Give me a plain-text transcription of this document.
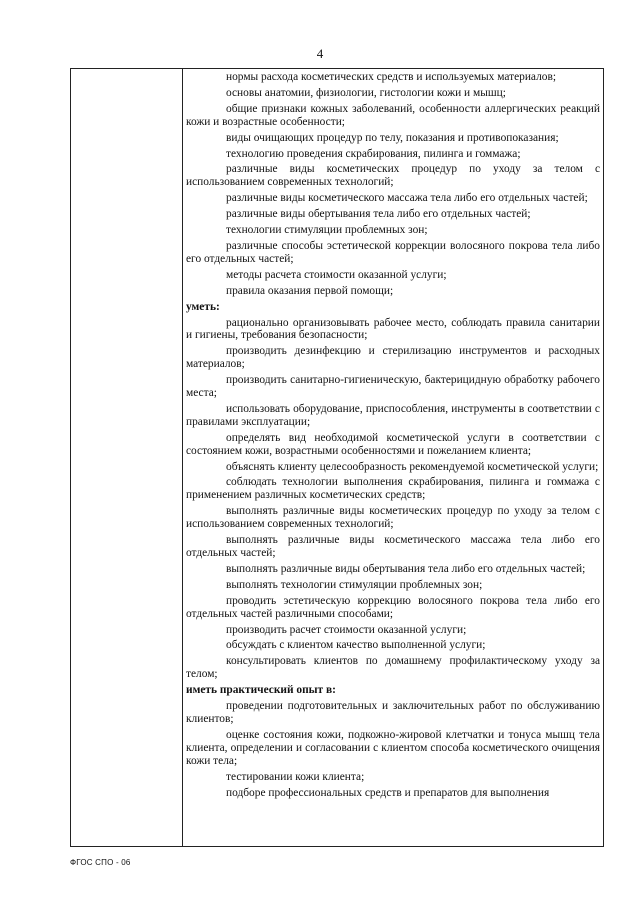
4

нормы расхода косметических средств и используемых материалов;

основы анатомии, физиологии, гистологии кожи и мышц;

общие признаки кожных заболеваний, особенности аллергических реакций кожи и возрастные особенности;

виды очищающих процедур по телу, показания и противопоказания;

технологию проведения скрабирования, пилинга и гоммажа;

различные виды косметических процедур по уходу за телом с использованием современных технологий;

различные виды косметического массажа тела либо его отдельных частей;

различные виды обертывания тела либо его отдельных частей;

технологии стимуляции проблемных зон;

различные способы эстетической коррекции волосяного покрова тела либо его отдельных частей;

методы расчета стоимости оказанной услуги;

правила оказания первой помощи;

уметь:

рационально организовывать рабочее место, соблюдать правила санитарии и гигиены, требования безопасности;

производить дезинфекцию и стерилизацию инструментов и расходных материалов;

производить санитарно-гигиеническую, бактерицидную обработку рабочего места;

использовать оборудование, приспособления, инструменты в соответствии с правилами эксплуатации;

определять вид необходимой косметической услуги в соответствии с состоянием кожи, возрастными особенностями и пожеланием клиента;

объяснять клиенту целесообразность рекомендуемой косметической услуги;

соблюдать технологии выполнения скрабирования, пилинга и гоммажа с применением различных косметических средств;

выполнять различные виды косметических процедур по уходу за телом с использованием современных технологий;

выполнять различные виды косметического массажа тела либо его отдельных частей;

выполнять различные виды обертывания тела либо его отдельных частей;

выполнять технологии стимуляции проблемных зон;

проводить эстетическую коррекцию волосяного покрова тела либо его отдельных частей различными способами;

производить расчет стоимости оказанной услуги;

обсуждать с клиентом качество выполненной услуги;

консультировать клиентов по домашнему профилактическому уходу за телом;

иметь практический опыт в:

проведении подготовительных и заключительных работ по обслуживанию клиентов;

оценке состояния кожи, подкожно-жировой клетчатки и тонуса мышц тела клиента, определении и согласовании с клиентом способа косметического очищения кожи тела;

тестировании кожи клиента;

подборе профессиональных средств и препаратов для выполнения

ФГОС СПО - 06
